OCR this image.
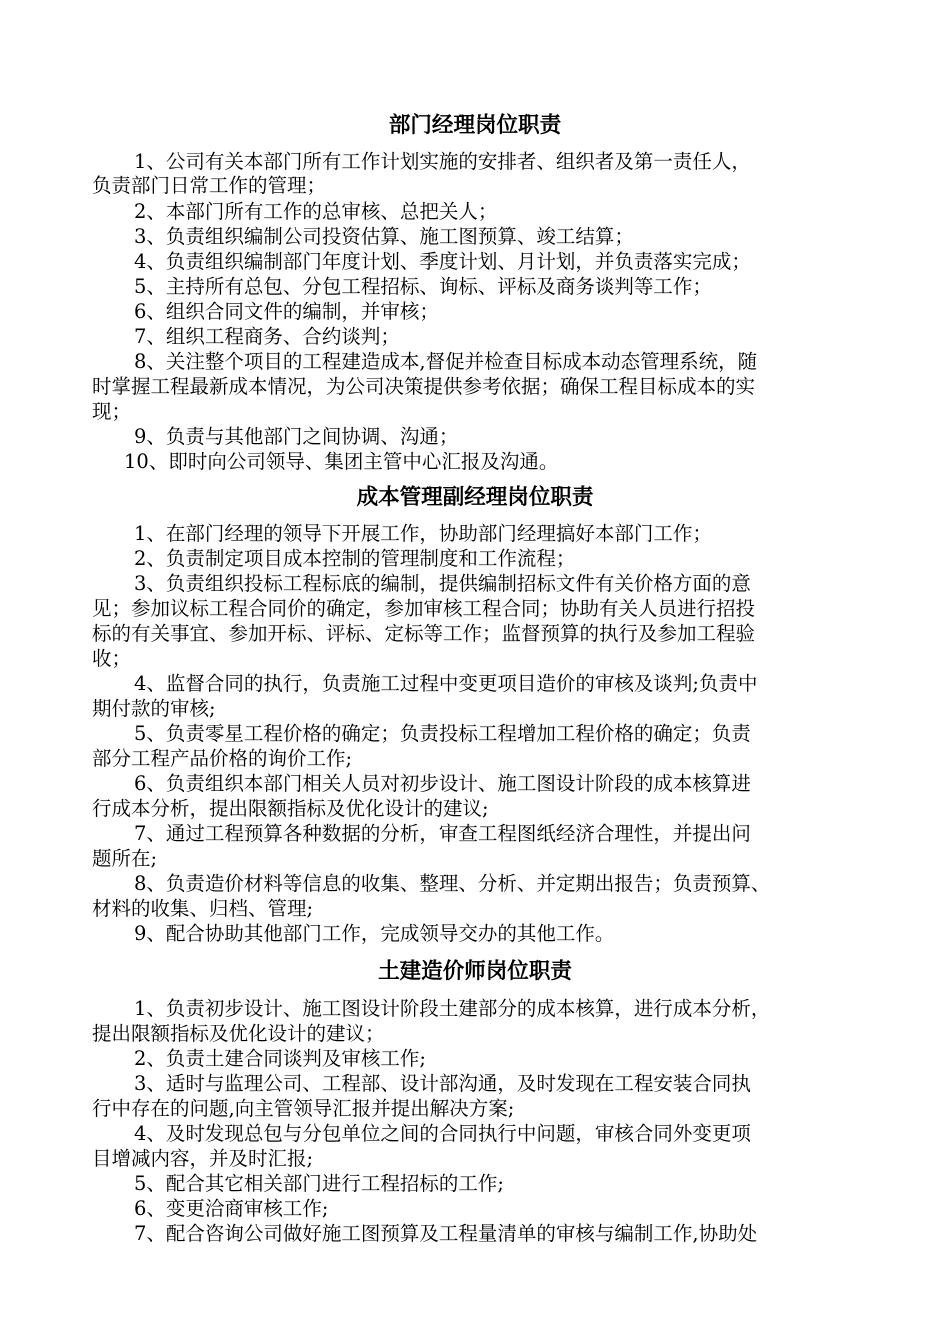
部门经理岗位职责
1、公司有关本部门所有工作计划实施的安排者、组织者及第一责任人，
负责部门日常工作的管理；
2、本部门所有工作的总审核、总把关人；
3、负责组织编制公司投资估算、施工图预算、竣工结算；
4、负责组织编制部门年度计划、季度计划、月计划，并负责落实完成；
5、主持所有总包、分包工程招标、询标、评标及商务谈判等工作；
6、组织合同文件的编制，并审核；
7、组织工程商务、合约谈判；
8、关注整个项目的工程建造成本,督促并检查目标成本动态管理系统，随
时掌握工程最新成本情况，为公司决策提供参考依据；确保工程目标成本的实
现；
9、负责与其他部门之间协调、沟通；
10、即时向公司领导、集团主管中心汇报及沟通。
成本管理副经理岗位职责
1、在部门经理的领导下开展工作，协助部门经理搞好本部门工作；
2、负责制定项目成本控制的管理制度和工作流程；
3、负责组织投标工程标底的编制，提供编制招标文件有关价格方面的意
见；参加议标工程合同价的确定，参加审核工程合同；协助有关人员进行招投
标的有关事宜、参加开标、评标、定标等工作；监督预算的执行及参加工程验
收；
4、监督合同的执行，负责施工过程中变更项目造价的审核及谈判;负责中
期付款的审核;
5、负责零星工程价格的确定；负责投标工程增加工程价格的确定；负责
部分工程产品价格的询价工作;
6、负责组织本部门相关人员对初步设计、施工图设计阶段的成本核算进
行成本分析，提出限额指标及优化设计的建议;
7、通过工程预算各种数据的分析，审查工程图纸经济合理性，并提出问
题所在;
8、负责造价材料等信息的收集、整理、分析、并定期出报告；负责预算、
材料的收集、归档、管理;
9、配合协助其他部门工作，完成领导交办的其他工作。
土建造价师岗位职责
1、负责初步设计、施工图设计阶段土建部分的成本核算，进行成本分析，
提出限额指标及优化设计的建议；
2、负责土建合同谈判及审核工作;
3、适时与监理公司、工程部、设计部沟通，及时发现在工程安装合同执
行中存在的问题,向主管领导汇报并提出解决方案;
4、及时发现总包与分包单位之间的合同执行中问题，审核合同外变更项
目增减内容，并及时汇报;
5、配合其它相关部门进行工程招标的工作;
6、变更洽商审核工作;
7、配合咨询公司做好施工图预算及工程量清单的审核与编制工作,协助处
